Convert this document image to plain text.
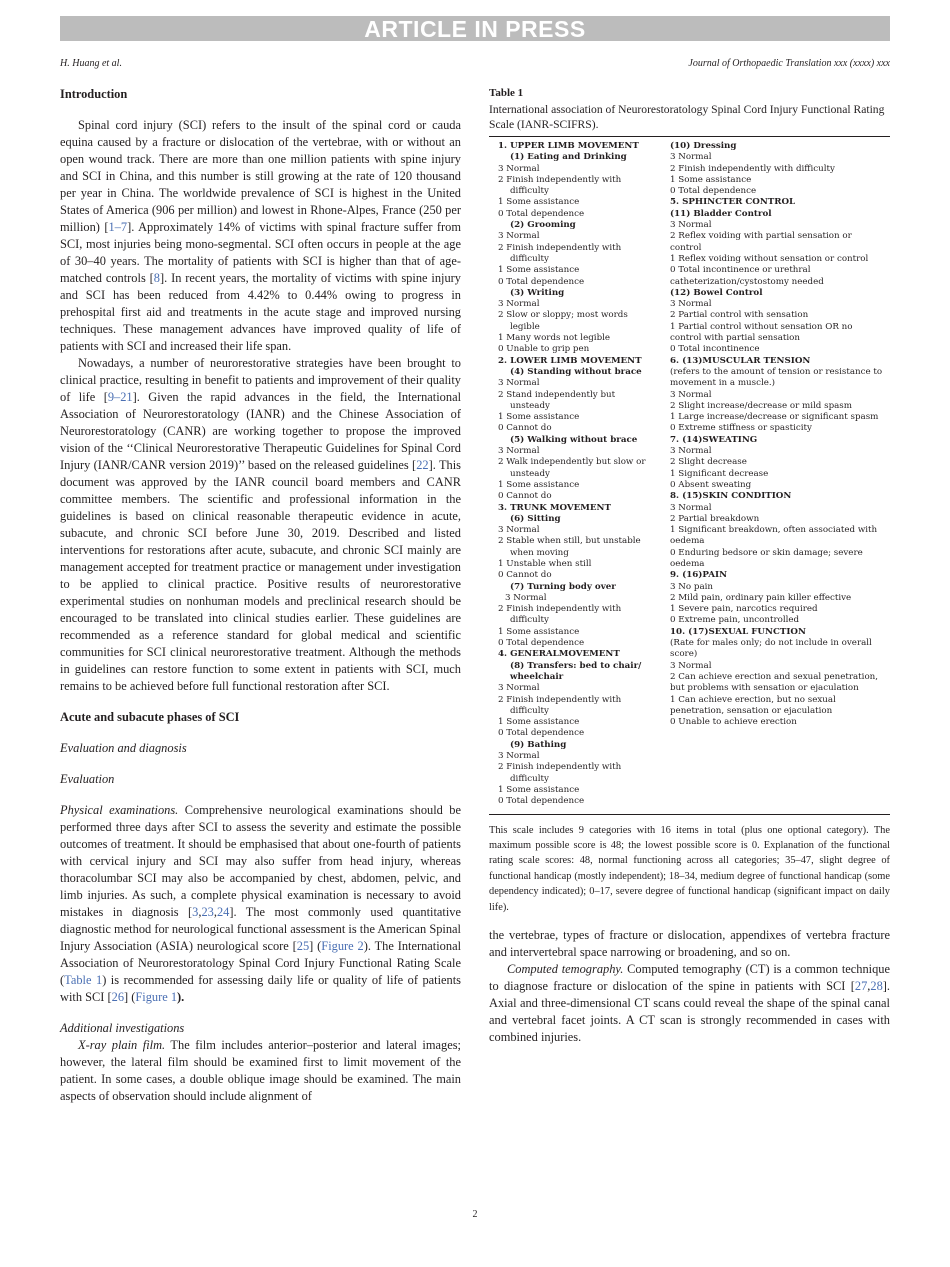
ARTICLE IN PRESS
H. Huang et al.	Journal of Orthopaedic Translation xxx (xxxx) xxx
Introduction

Spinal cord injury (SCI) refers to the insult of the spinal cord or cauda equina caused by a fracture or dislocation of the vertebrae, with or without an open wound track. There are more than one million patients with spine injury and SCI in China, and this number is still growing at the rate of 120 thousand per year in China. The worldwide prevalence of SCI is highest in the United States of America (906 per million) and lowest in Rhone-Alpes, France (250 per million) [1–7]. Approximately 14% of victims with spinal fracture suffer from SCI, most injuries being mono-segmental. SCI often occurs in people at the age of 30–40 years. The mortality of patients with SCI is higher than that of age-matched controls [8]. In recent years, the mortality of victims with spine injury and SCI has been reduced from 4.42% to 0.44% owing to progress in prehospital first aid and treatments in the acute stage and improved nursing techniques. These management advances have improved quality of life of patients with SCI and increased their life span.

Nowadays, a number of neurorestorative strategies have been brought to clinical practice, resulting in benefit to patients and improvement of their quality of life [9–21]. Given the rapid advances in the field, the International Association of Neurorestoratology (IANR) and the Chinese Association of Neurorestoratology (CANR) are working together to propose the improved vision of the ‘‘Clinical Neurorestorative Therapeutic Guidelines for Spinal Cord Injury (IANR/CANR version 2019)’’ based on the released guidelines [22]. This document was approved by the IANR council board members and CANR committee members. The scientific and professional information in the guidelines is based on clinical reasonable therapeutic evidence in acute, subacute, and chronic SCI before June 30, 2019. Described and listed interventions for restorations after acute, subacute, and chronic SCI mainly are management accepted for treatment practice or management under investigation to be applied to clinical practice. Positive results of neurorestorative experimental studies on nonhuman models and preclinical research should be encouraged to be translated into clinical studies earlier. These guidelines are recommended as a reference standard for global medical and scientific communities for SCI clinical neurorestorative treatment. Although the methods in guidelines can restore function to some extent in patients with SCI, much remains to be achieved before full functional restoration after SCI.

Acute and subacute phases of SCI
Evaluation and diagnosis
Evaluation

Physical examinations. Comprehensive neurological examinations should be performed three days after SCI to assess the severity and estimate the possible outcomes of treatment. It should be emphasised that about one-fourth of patients with cervical injury and SCI may also suffer from head injury, whereas thoracolumbar SCI may also be accompanied by chest, abdomen, pelvic, and limb injuries. As such, a complete physical examination is necessary to avoid mistakes in diagnosis [3,23,24]. The most commonly used quantitative diagnostic method for neurological functional assessment is the American Spinal Injury Association (ASIA) neurological score [25] (Figure 2). The International Association of Neurorestoratology Spinal Cord Injury Functional Rating Scale (Table 1) is recommended for assessing daily life or quality of life of patients with SCI [26] (Figure 1).

Additional investigations

X-ray plain film. The film includes anterior–posterior and lateral images; however, the lateral film should be examined first to limit movement of the patient. In some cases, a double oblique image should be examined. The main aspects of observation should include alignment of

Table 1
International association of Neurorestoratology Spinal Cord Injury Functional Rating Scale (IANR-SCIFRS).
1. UPPER LIMB MOVEMENT
(1) Eating and Drinking
3 Normal
2 Finish independently with
difficulty
1 Some assistance
0 Total dependence
(2) Grooming
3 Normal
2 Finish independently with
difficulty
1 Some assistance
0 Total dependence
(3) Writing
3 Normal
2 Slow or sloppy; most words
legible
1 Many words not legible
0 Unable to grip pen
2. LOWER LIMB MOVEMENT
(4) Standing without brace
3 Normal
2 Stand independently but
unsteady
1 Some assistance
0 Cannot do
(5) Walking without brace
3 Normal
2 Walk independently but slow or
unsteady
1 Some assistance
0 Cannot do
3. TRUNK MOVEMENT
(6) Sitting
3 Normal
2 Stable when still, but unstable
when moving
1 Unstable when still
0 Cannot do
(7) Turning body over
3 Normal
2 Finish independently with
difficulty
1 Some assistance
0 Total dependence
4. GENERALMOVEMENT
(8) Transfers: bed to chair/
wheelchair
3 Normal
2 Finish independently with
difficulty
1 Some assistance
0 Total dependence
(9) Bathing
3 Normal
2 Finish independently with
difficulty
1 Some assistance
0 Total dependence
(10) Dressing
3 Normal
2 Finish independently with difficulty
1 Some assistance
0 Total dependence
5. SPHINCTER CONTROL
(11) Bladder Control
3 Normal
2 Reflex voiding with partial sensation or
control
1 Reflex voiding without sensation or control
0 Total incontinence or urethral
catheterization/cystostomy needed
(12) Bowel Control
3 Normal
2 Partial control with sensation
1 Partial control without sensation OR no
control with partial sensation
0 Total incontinence
6. (13)MUSCULAR TENSION
(refers to the amount of tension or resistance to
movement in a muscle.)
3 Normal
2 Slight increase/decrease or mild spasm
1 Large increase/decrease or significant spasm
0 Extreme stiffness or spasticity
7. (14)SWEATING
3 Normal
2 Slight decrease
1 Significant decrease
0 Absent sweating
8. (15)SKIN CONDITION
3 Normal
2 Partial breakdown
1 Significant breakdown, often associated with
oedema
0 Enduring bedsore or skin damage; severe
oedema
9. (16)PAIN
3 No pain
2 Mild pain, ordinary pain killer effective
1 Severe pain, narcotics required
0 Extreme pain, uncontrolled
10. (17)SEXUAL FUNCTION
(Rate for males only; do not include in overall
score)
3 Normal
2 Can achieve erection and sexual penetration,
but problems with sensation or ejaculation
1 Can achieve erection, but no sexual
penetration, sensation or ejaculation
0 Unable to achieve erection

This scale includes 9 categories with 16 items in total (plus one optional category). The maximum possible score is 48; the lowest possible score is 0. Explanation of the functional rating scale scores: 48, normal functioning across all categories; 35–47, slight degree of functional handicap (mostly independent); 18–34, medium degree of functional handicap (some dependency indicated); 0–17, severe degree of functional handicap (significant impact on daily life).

the vertebrae, types of fracture or dislocation, appendixes of vertebra fracture and intervertebral space narrowing or broadening, and so on.

Computed temography. Computed temography (CT) is a common technique to diagnose fracture or dislocation of the spine in patients with SCI [27,28]. Axial and three-dimensional CT scans could reveal the shape of the spinal canal and vertebral facet joints. A CT scan is strongly recommended in cases with combined injuries.

2
